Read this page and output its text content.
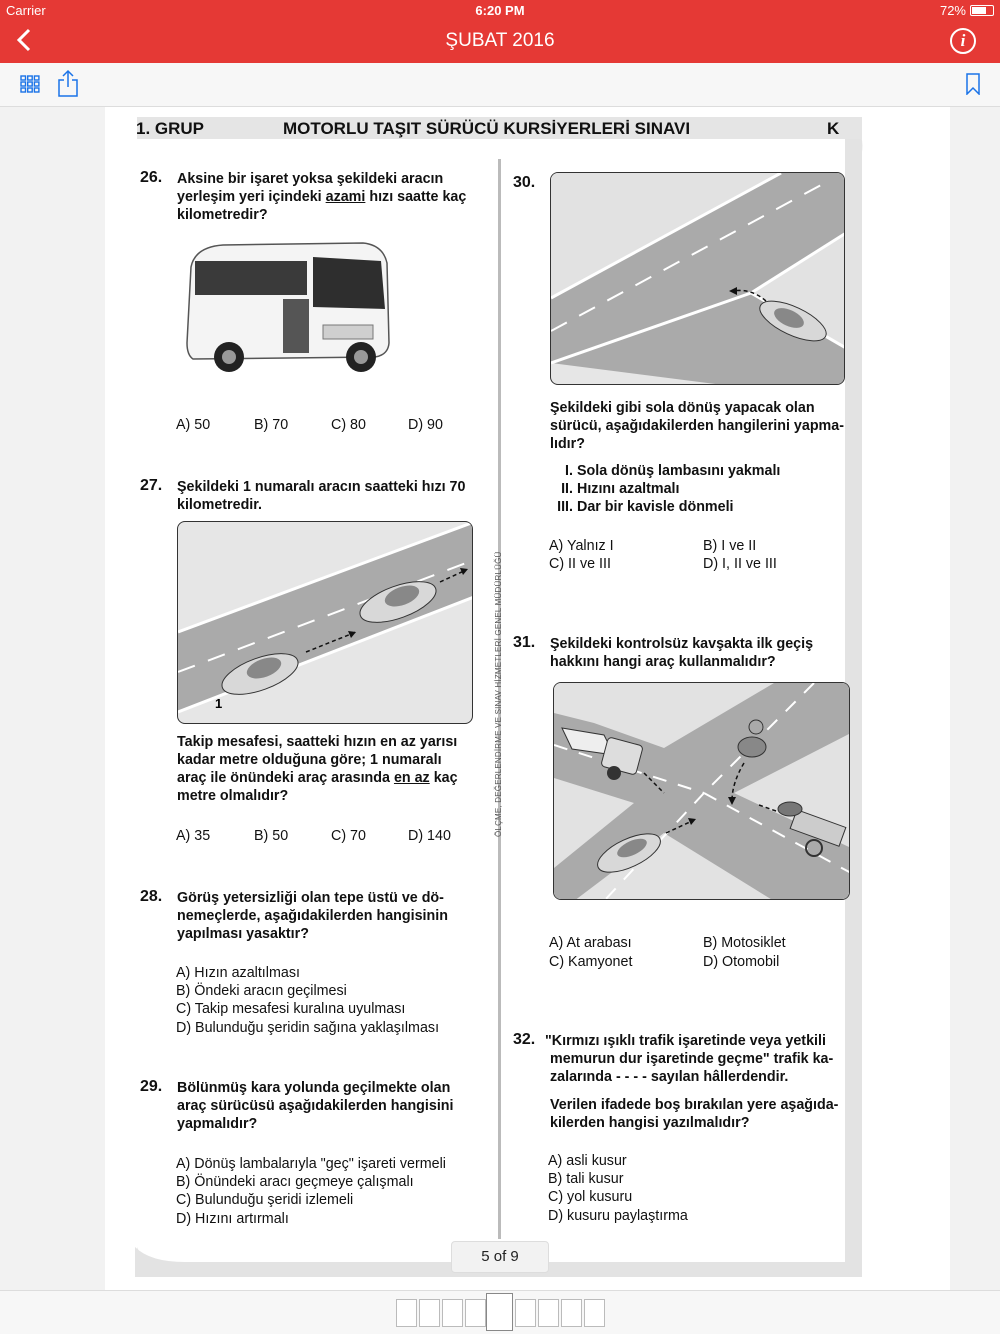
Carrier	6:20 PM	72%
ŞUBAT 2016	i
1. GRUP	MOTORLU TAŞIT SÜRÜCÜ KURSİYERLERİ SINAVI	K
ÖLÇME, DEĞERLENDİRME VE SINAV HİZMETLERİ GENEL MÜDÜRLÜĞÜ
26. Aksine bir işaret yoksa şekildeki aracın
yerleşim yeri içindeki azami hızı saatte kaç
kilometredir?
A) 50	B) 70	C) 80	D) 90
27. Şekildeki 1 numaralı aracın saatteki hızı 70
kilometredir.
1
Takip mesafesi, saatteki hızın en az yarısı
kadar metre olduğuna göre; 1 numaralı
araç ile önündeki araç arasında en az kaç
metre olmalıdır?
A) 35	B) 50	C) 70	D) 140
28. Görüş yetersizliği olan tepe üstü ve dö-
nemeçlerde, aşağıdakilerden hangisinin
yapılması yasaktır?
A) Hızın azaltılması
B) Öndeki aracın geçilmesi
C) Takip mesafesi kuralına uyulması
D) Bulunduğu şeridin sağına yaklaşılması
29. Bölünmüş kara yolunda geçilmekte olan
araç sürücüsü aşağıdakilerden hangisini
yapmalıdır?
A) Dönüş lambalarıyla "geç" işareti vermeli
B) Önündeki aracı geçmeye çalışmalı
C) Bulunduğu şeridi izlemeli
D) Hızını artırmalı
30.
Şekildeki gibi sola dönüş yapacak olan
sürücü, aşağıdakilerden hangilerini yapma-
lıdır?
I. Sola dönüş lambasını yakmalı
II. Hızını azaltmalı
III. Dar bir kavisle dönmeli
A) Yalnız I	B) I ve II
C) II ve III	D) I, II ve III
31. Şekildeki kontrolsüz kavşakta ilk geçiş
hakkını hangi araç kullanmalıdır?
A) At arabası	B) Motosiklet
C) Kamyonet	D) Otomobil
32. "Kırmızı ışıklı trafik işaretinde veya yetkili
memurun dur işaretinde geçme" trafik ka-
zalarında - - - - sayılan hâllerdendir.
Verilen ifadede boş bırakılan yere aşağıda-
kilerden hangisi yazılmalıdır?
A) asli kusur
B) tali kusur
C) yol kusuru
D) kusuru paylaştırma
5 of 9
